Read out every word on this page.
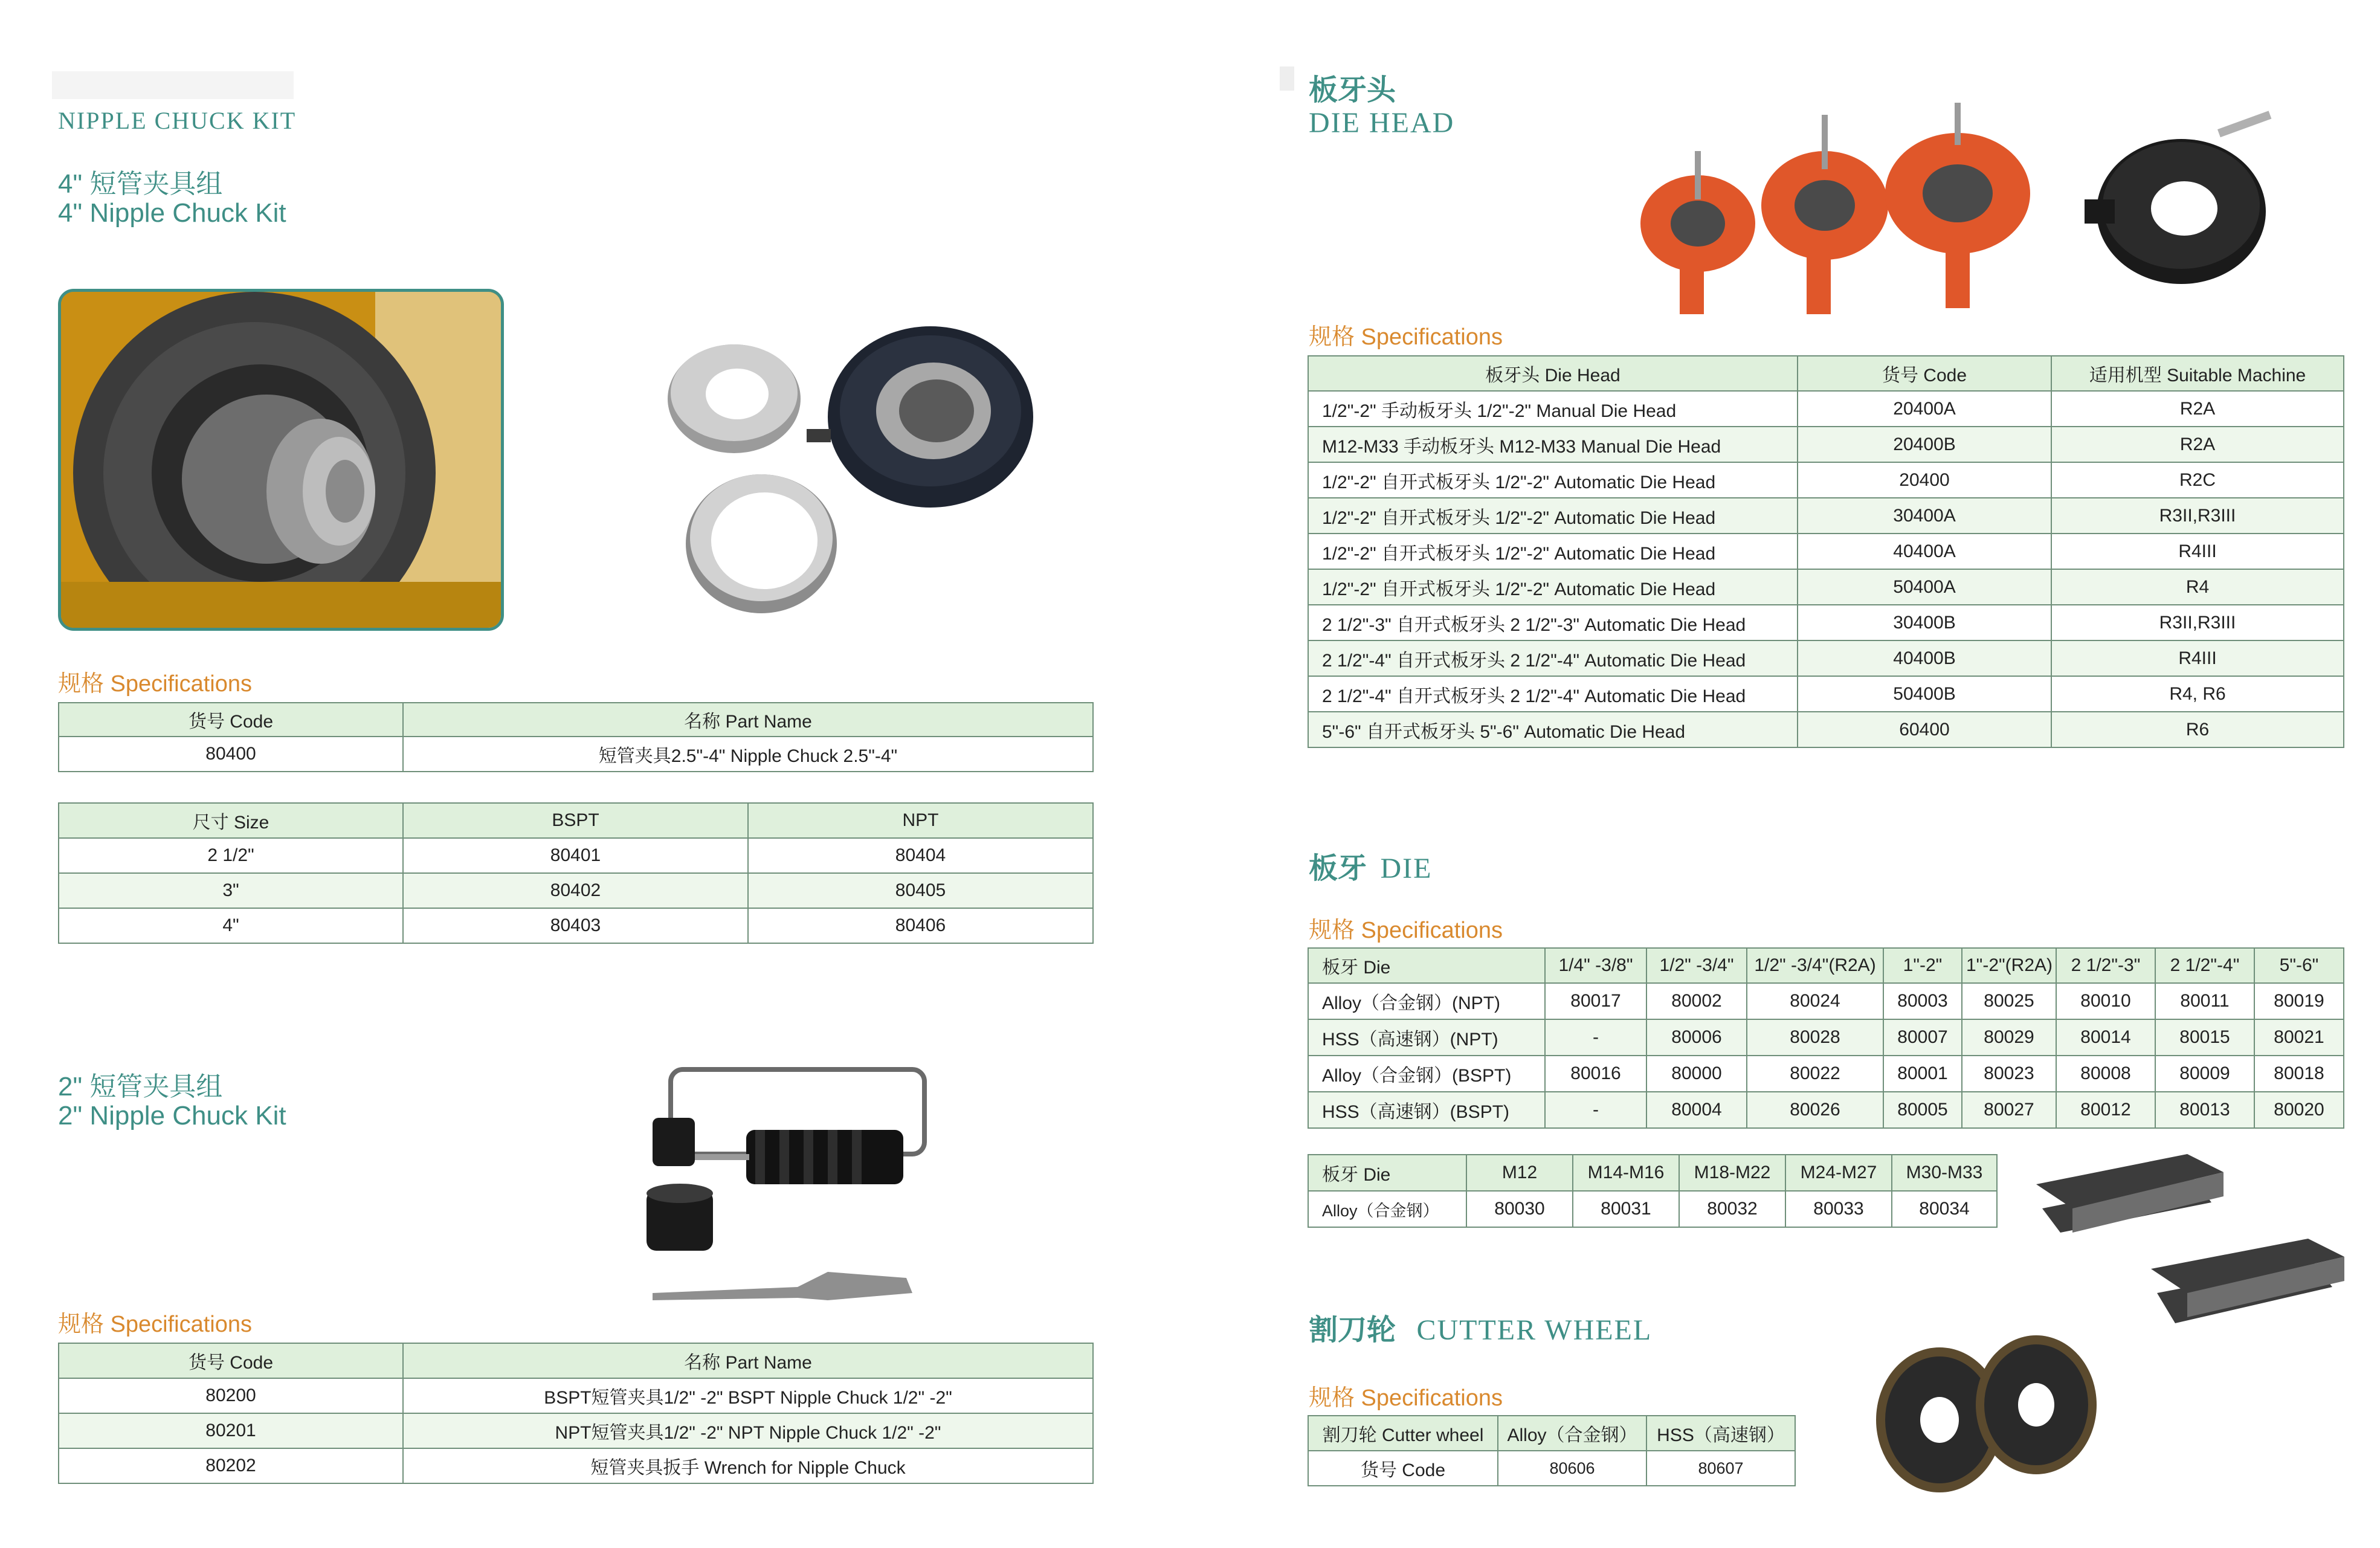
NIPPLE CHUCK KIT
4" 短管夹具组
4" Nipple Chuck Kit
规格 Specifications
货号 Code	名称 Part Name
80400	短管夹具2.5"-4" Nipple Chuck 2.5"-4"
尺寸 Size	BSPT	NPT
2 1/2"	80401	80404
3"	80402	80405
4"	80403	80406
2" 短管夹具组
2" Nipple Chuck Kit
规格 Specifications
货号 Code	名称 Part Name
80200	BSPT短管夹具1/2" -2" BSPT Nipple Chuck 1/2" -2"
80201	NPT短管夹具1/2" -2" NPT Nipple Chuck 1/2" -2"
80202	短管夹具扳手 Wrench for Nipple Chuck
板牙头
DIE HEAD
规格 Specifications
板牙头 Die Head	货号 Code	适用机型 Suitable Machine
1/2"-2" 手动板牙头 1/2"-2" Manual Die Head	20400A	R2A
M12-M33 手动板牙头 M12-M33 Manual Die Head	20400B	R2A
1/2"-2" 自开式板牙头 1/2"-2" Automatic Die Head	20400	R2C
1/2"-2" 自开式板牙头 1/2"-2" Automatic Die Head	30400A	R3II,R3III
1/2"-2" 自开式板牙头 1/2"-2" Automatic Die Head	40400A	R4III
1/2"-2" 自开式板牙头 1/2"-2" Automatic Die Head	50400A	R4
2 1/2"-3" 自开式板牙头 2 1/2"-3" Automatic Die Head	30400B	R3II,R3III
2 1/2"-4" 自开式板牙头 2 1/2"-4" Automatic Die Head	40400B	R4III
2 1/2"-4" 自开式板牙头 2 1/2"-4" Automatic Die Head	50400B	R4, R6
5"-6" 自开式板牙头 5"-6" Automatic Die Head	60400	R6
板牙 DIE
规格 Specifications
板牙 Die	1/4" -3/8"	1/2" -3/4"	1/2" -3/4"(R2A)	1"-2"	1"-2"(R2A)	2 1/2"-3"	2 1/2"-4"	5"-6"
Alloy（合金钢）(NPT)	80017	80002	80024	80003	80025	80010	80011	80019
HSS（高速钢）(NPT)	-	80006	80028	80007	80029	80014	80015	80021
Alloy（合金钢）(BSPT)	80016	80000	80022	80001	80023	80008	80009	80018
HSS（高速钢）(BSPT)	-	80004	80026	80005	80027	80012	80013	80020
板牙 Die	M12	M14-M16	M18-M22	M24-M27	M30-M33
Alloy（合金钢）	80030	80031	80032	80033	80034
割刀轮 CUTTER WHEEL
规格 Specifications
割刀轮 Cutter wheel	Alloy（合金钢）	HSS（高速钢）
货号 Code	80606	80607
